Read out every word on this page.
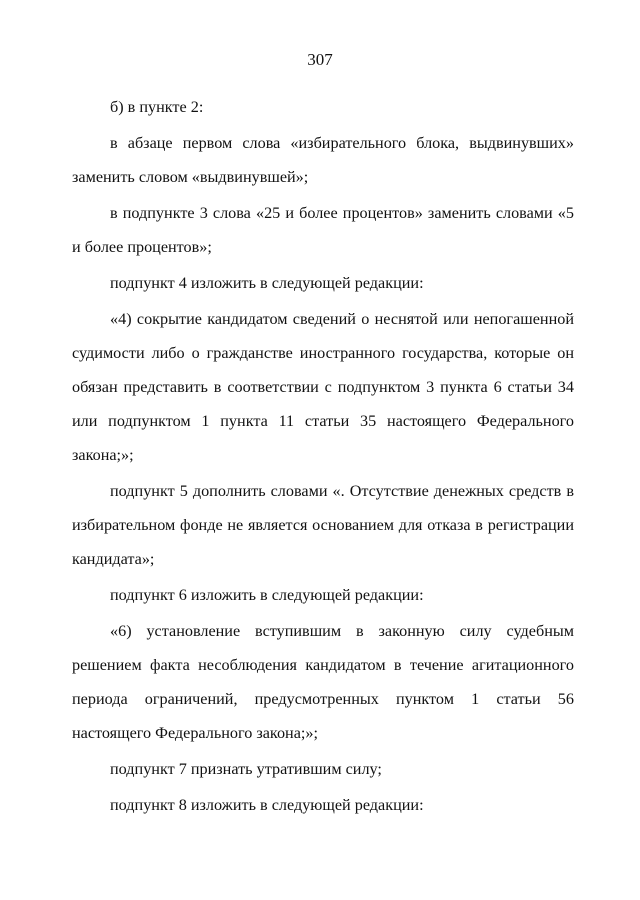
307

б) в пункте 2:

в абзаце первом слова «избирательного блока, выдвинувших» заменить словом «выдвинувшей»;

в подпункте 3 слова «25 и более процентов» заменить словами «5 и более процентов»;

подпункт 4 изложить в следующей редакции:

«4) сокрытие кандидатом сведений о неснятой или непогашенной судимости либо о гражданстве иностранного государства, которые он обязан представить в соответствии с подпунктом 3 пункта 6 статьи 34 или подпунктом 1 пункта 11 статьи 35 настоящего Федерального закона;»;

подпункт 5 дополнить словами «. Отсутствие денежных средств в избирательном фонде не является основанием для отказа в регистрации кандидата»;

подпункт 6 изложить в следующей редакции:

«6) установление вступившим в законную силу судебным решением факта несоблюдения кандидатом в течение агитационного периода ограничений, предусмотренных пунктом 1 статьи 56 настоящего Федерального закона;»;

подпункт 7 признать утратившим силу;

подпункт 8 изложить в следующей редакции:
